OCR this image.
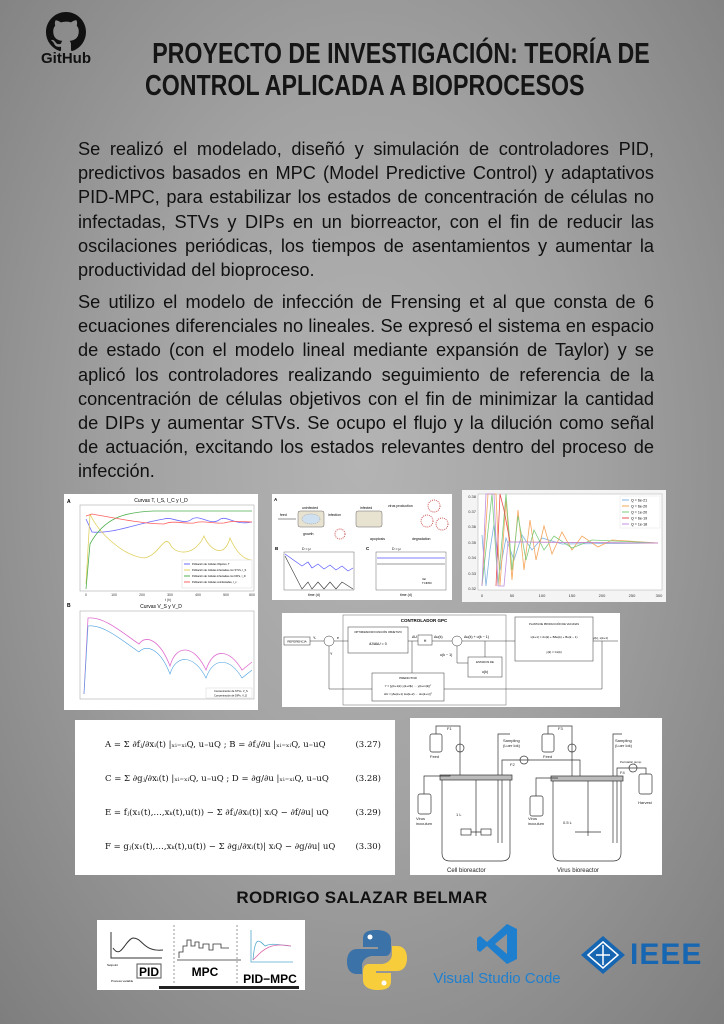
GitHub	PROYECTO DE INVESTIGACIÓN: TEORÍA DE
CONTROL APLICADA A BIOPROCESOS

Se realizó el modelado, diseñó y simulación de controladores PID, predictivos basados en MPC (Model Predictive Control) y adaptativos PID-MPC, para estabilizar los estados de concentración de células no infectadas, STVs y DIPs en un biorreactor, con el fin de reducir las oscilaciones periódicas, los tiempos de asentamientos y aumentar la productividad del bioproceso.

Se utilizo el modelo de infección de Frensing et al que consta de 6 ecuaciones diferenciales no lineales. Se expresó el sistema en espacio de estado (con el modelo lineal mediante expansión de Taylor) y se aplicó los controladores realizando seguimiento de referencia de la concentración de células objetivos con el fin de minimizar la cantidad de DIPs y aumentar STVs. Se ocupo el flujo y la dilución como señal de actuación, excitando los estados relevantes dentro del proceso de infección.

A	Curvas T, I_S, I_C y I_D
Población de Células Objetivo, T
Población de Células infectadas con STVs, I_S
Población de Células infectadas con DIPs, I_D
Población de Células coinfectadas, I_c
0	100	200	300	400	500	600
t (h)
B	Curvas V_S y V_D
Concentración de STVs, V_S
Concentración de DIPs, V_D
A
feed
uninfected
growth
infection
infected	virus production
apoptosis	degradation
B	D = μ
time (d)
C	D = μ
Val
TCID50
time (d)
0.38
0.37
0.36
0.35
0.34
0.33
0.32
0	50	100	150	200	250	300
Q = 6e-21
Q = 6e-20
Q = 1e-20
Q = 6e-19
Q = 1e-18
REFERENCIA
Yᵣ	e
Y
CONTROLADOR GPC
OPTIMIZADOR FUNCIÓN OBJETIVO
∂J/∂ΔU = 0
ΔU
H
Δu(k)	Δu(k) + u(k − 1)
u(k − 1)
ESTADOS DE
u(k)
PLANTA DE PRODUCCIÓN DE VACUNAS
x(k+1) = Ax(k) + BΔu(k) + Bu(k − 1)
y(k) = Cx(k)
y(k), x(k+1)
PREDICTOR
Y = [y(k+1|k) y(k+2|k) … y(k+m|k)]ᵀ
ΔU = [Δu(k+1) Δu(k+2) … Δu(k+n)]ᵀ
A = Σ ∂fⱼ/∂xᵢ(t) |ₓᵢ₌ₓᵢQ, u₌uQ ; B = ∂fⱼ/∂u |ₓᵢ₌ₓᵢQ, u₌uQ	(3.27)
C = Σ ∂gⱼ/∂xᵢ(t) |ₓᵢ₌ₓᵢQ, u₌uQ ; D = ∂g/∂u |ₓᵢ₌ₓᵢQ, u₌uQ	(3.28)
E = fⱼ(x₁(t),…,xₖ(t),u(t)) − Σ ∂fⱼ/∂xᵢ(t)| xᵢQ − ∂f/∂u| uQ	(3.29)
F = gⱼ(x₁(t),…,xₖ(t),u(t)) − Σ ∂gⱼ/∂xᵢ(t)| xᵢQ − ∂g/∂u| uQ (3.30)
F1
Feed
Sampling
(Luer lok)
F2
F3
Feed
Sampling
(Luer lok)
Peristaltic pump
F4
Virus
inoculum
Virus
inoculum
1 L
0.5 L
Harvest
Cell bioreactor	Virus bioreactor
RODRIGO SALAZAR BELMAR
PID	MPC PID−MPC
Setpoint
Process variable	Visual Studio Code
IEEE
